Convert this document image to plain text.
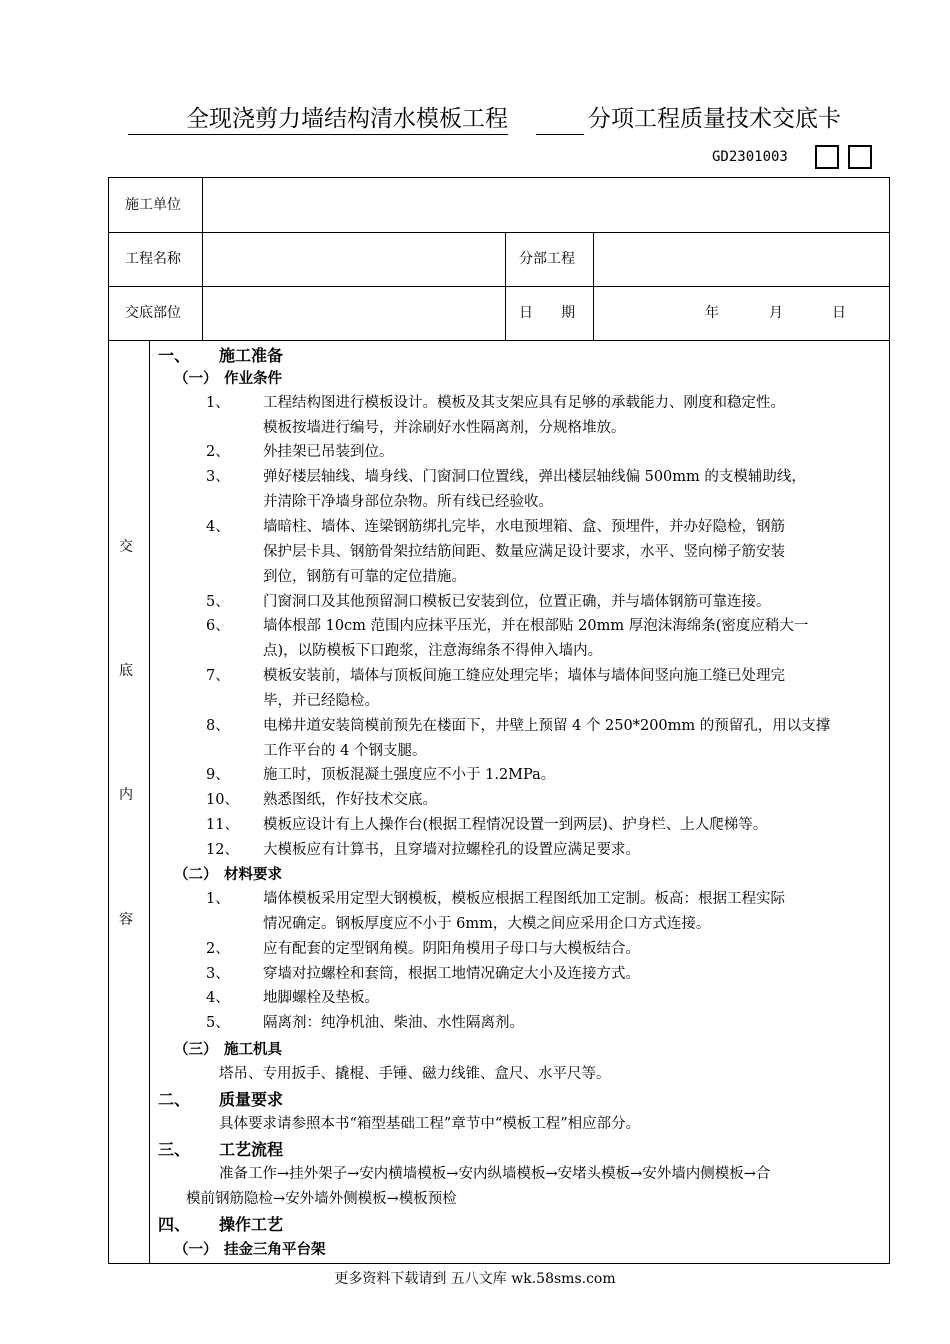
全现浇剪力墙结构清水模板工程	分项工程质量技术交底卡
GD2301003
施工单位
工程名称	分部工程
交底部位	日　　期	年	月	日
交
底
内
容
一、 施工准备
（一） 作业条件
1、 工程结构图进行模板设计。模板及其支架应具有足够的承载能力、刚度和稳定性。
模板按墙进行编号，并涂刷好水性隔离剂，分规格堆放。
2、 外挂架已吊装到位。
3、 弹好楼层轴线、墙身线、门窗洞口位置线，弹出楼层轴线偏 500mm 的支模辅助线，
并清除干净墙身部位杂物。所有线已经验收。
4、 墙暗柱、墙体、连梁钢筋绑扎完毕，水电预埋箱、盒、预埋件，并办好隐检，钢筋
保护层卡具、钢筋骨架拉结筋间距、数量应满足设计要求，水平、竖向梯子筋安装
到位，钢筋有可靠的定位措施。
5、 门窗洞口及其他预留洞口模板已安装到位，位置正确，并与墙体钢筋可靠连接。
6、 墙体根部 10cm 范围内应抹平压光，并在根部贴 20mm 厚泡沫海绵条(密度应稍大一
点)，以防模板下口跑浆，注意海绵条不得伸入墙内。
7、 模板安装前，墙体与顶板间施工缝应处理完毕；墙体与墙体间竖向施工缝已处理完
毕，并已经隐检。
8、 电梯井道安装筒模前预先在楼面下，井壁上预留 4 个 250*200mm 的预留孔，用以支撑
工作平台的 4 个钢支腿。
9、 施工时，顶板混凝土强度应不小于 1.2MPa。
10、 熟悉图纸，作好技术交底。
11、 模板应设计有上人操作台(根据工程情况设置一到两层)、护身栏、上人爬梯等。
12、 大模板应有计算书，且穿墙对拉螺栓孔的设置应满足要求。
（二） 材料要求
1、 墙体模板采用定型大钢模板，模板应根据工程图纸加工定制。板高：根据工程实际
情况确定。钢板厚度应不小于 6mm，大模之间应采用企口方式连接。
2、 应有配套的定型钢角模。阴阳角模用子母口与大模板结合。
3、 穿墙对拉螺栓和套筒，根据工地情况确定大小及连接方式。
4、 地脚螺栓及垫板。
5、 隔离剂：纯净机油、柴油、水性隔离剂。
（三） 施工机具
塔吊、专用扳手、撬棍、手锤、磁力线锥、盒尺、水平尺等。
二、 质量要求
具体要求请参照本书“箱型基础工程”章节中“模板工程”相应部分。
三、 工艺流程
准备工作→挂外架子→安内横墙模板→安内纵墙模板→安堵头模板→安外墙内侧模板→合
模前钢筋隐检→安外墙外侧模板→模板预检
四、 操作工艺
（一） 挂金三角平台架
更多资料下载请到 五八文库 wk.58sms.com
